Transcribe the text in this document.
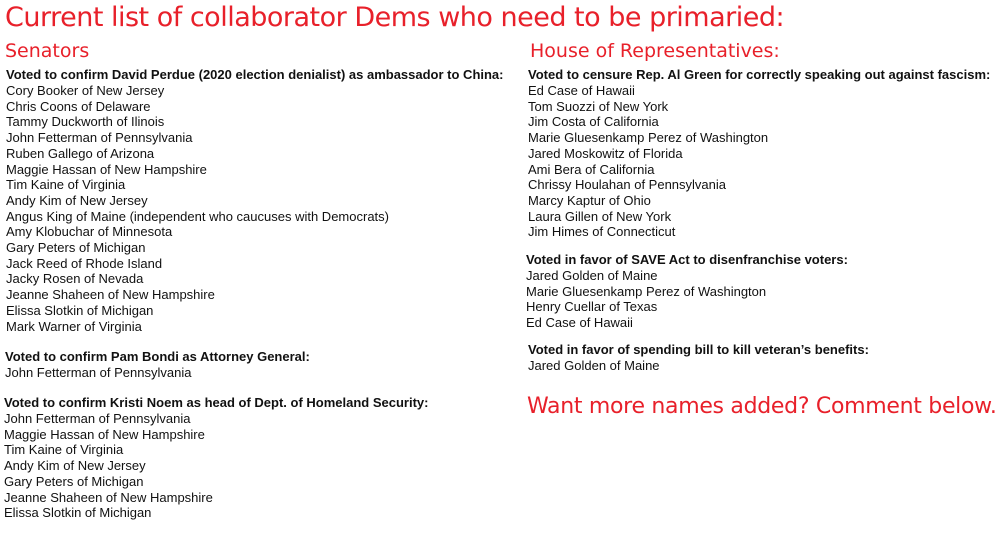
Current list of collaborator Dems who need to be primaried:
Senators	House of Representatives:
Voted to confirm David Perdue (2020 election denialist) as ambassador to China:
Cory Booker of New Jersey
Chris Coons of Delaware
Tammy Duckworth of Ilinois
John Fetterman of Pennsylvania
Ruben Gallego of Arizona
Maggie Hassan of New Hampshire
Tim Kaine of Virginia
Andy Kim of New Jersey
Angus King of Maine (independent who caucuses with Democrats)
Amy Klobuchar of Minnesota
Gary Peters of Michigan
Jack Reed of Rhode Island
Jacky Rosen of Nevada
Jeanne Shaheen of New Hampshire
Elissa Slotkin of Michigan
Mark Warner of Virginia
Voted to confirm Pam Bondi as Attorney General:
John Fetterman of Pennsylvania
Voted to confirm Kristi Noem as head of Dept. of Homeland Security:
John Fetterman of Pennsylvania
Maggie Hassan of New Hampshire
Tim Kaine of Virginia
Andy Kim of New Jersey
Gary Peters of Michigan
Jeanne Shaheen of New Hampshire
Elissa Slotkin of Michigan
Voted to censure Rep. Al Green for correctly speaking out against fascism:
Ed Case of Hawaii
Tom Suozzi of New York
Jim Costa of California
Marie Gluesenkamp Perez of Washington
Jared Moskowitz of Florida
Ami Bera of California
Chrissy Houlahan of Pennsylvania
Marcy Kaptur of Ohio
Laura Gillen of New York
Jim Himes of Connecticut
Voted in favor of SAVE Act to disenfranchise voters:
Jared Golden of Maine
Marie Gluesenkamp Perez of Washington
Henry Cuellar of Texas
Ed Case of Hawaii
Voted in favor of spending bill to kill veteran’s benefits:
Jared Golden of Maine
Want more names added? Comment below.
